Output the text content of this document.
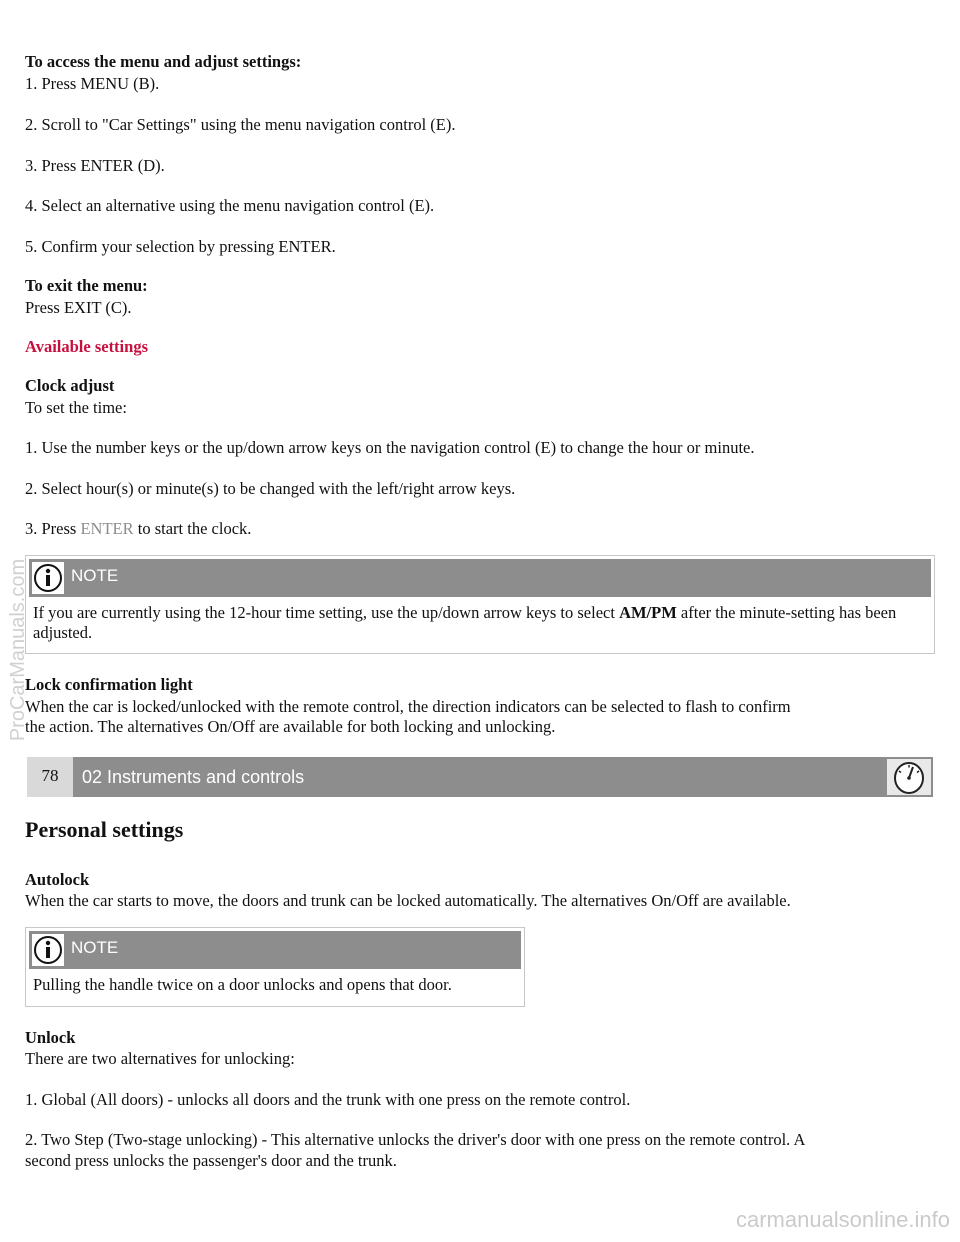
To access the menu and adjust settings:
1. Press MENU (B).
2. Scroll to "Car Settings" using the menu navigation control (E).
3. Press ENTER (D).
4. Select an alternative using the menu navigation control (E).
5. Confirm your selection by pressing ENTER.
To exit the menu:
Press EXIT (C).
Available settings
Clock adjust
To set the time:
1. Use the number keys or the up/down arrow keys on the navigation control (E) to change the hour or minute.
2. Select hour(s) or minute(s) to be changed with the left/right arrow keys.
3. Press ENTER to start the clock.
NOTE
If you are currently using the 12-hour time setting, use the up/down arrow keys to select AM/PM after the minute-setting has been adjusted.
Lock confirmation light
When the car is locked/unlocked with the remote control, the direction indicators can be selected to flash to confirm
the action. The alternatives On/Off are available for both locking and unlocking.
78	02 Instruments and controls
Personal settings
Autolock
When the car starts to move, the doors and trunk can be locked automatically. The alternatives On/Off are available.
NOTE
Pulling the handle twice on a door unlocks and opens that door.
Unlock
There are two alternatives for unlocking:
1. Global (All doors) - unlocks all doors and the trunk with one press on the remote control.
2. Two Step (Two-stage unlocking) - This alternative unlocks the driver's door with one press on the remote control. A
second press unlocks the passenger's door and the trunk.
ProCarManuals.com
carmanualsonline.info
